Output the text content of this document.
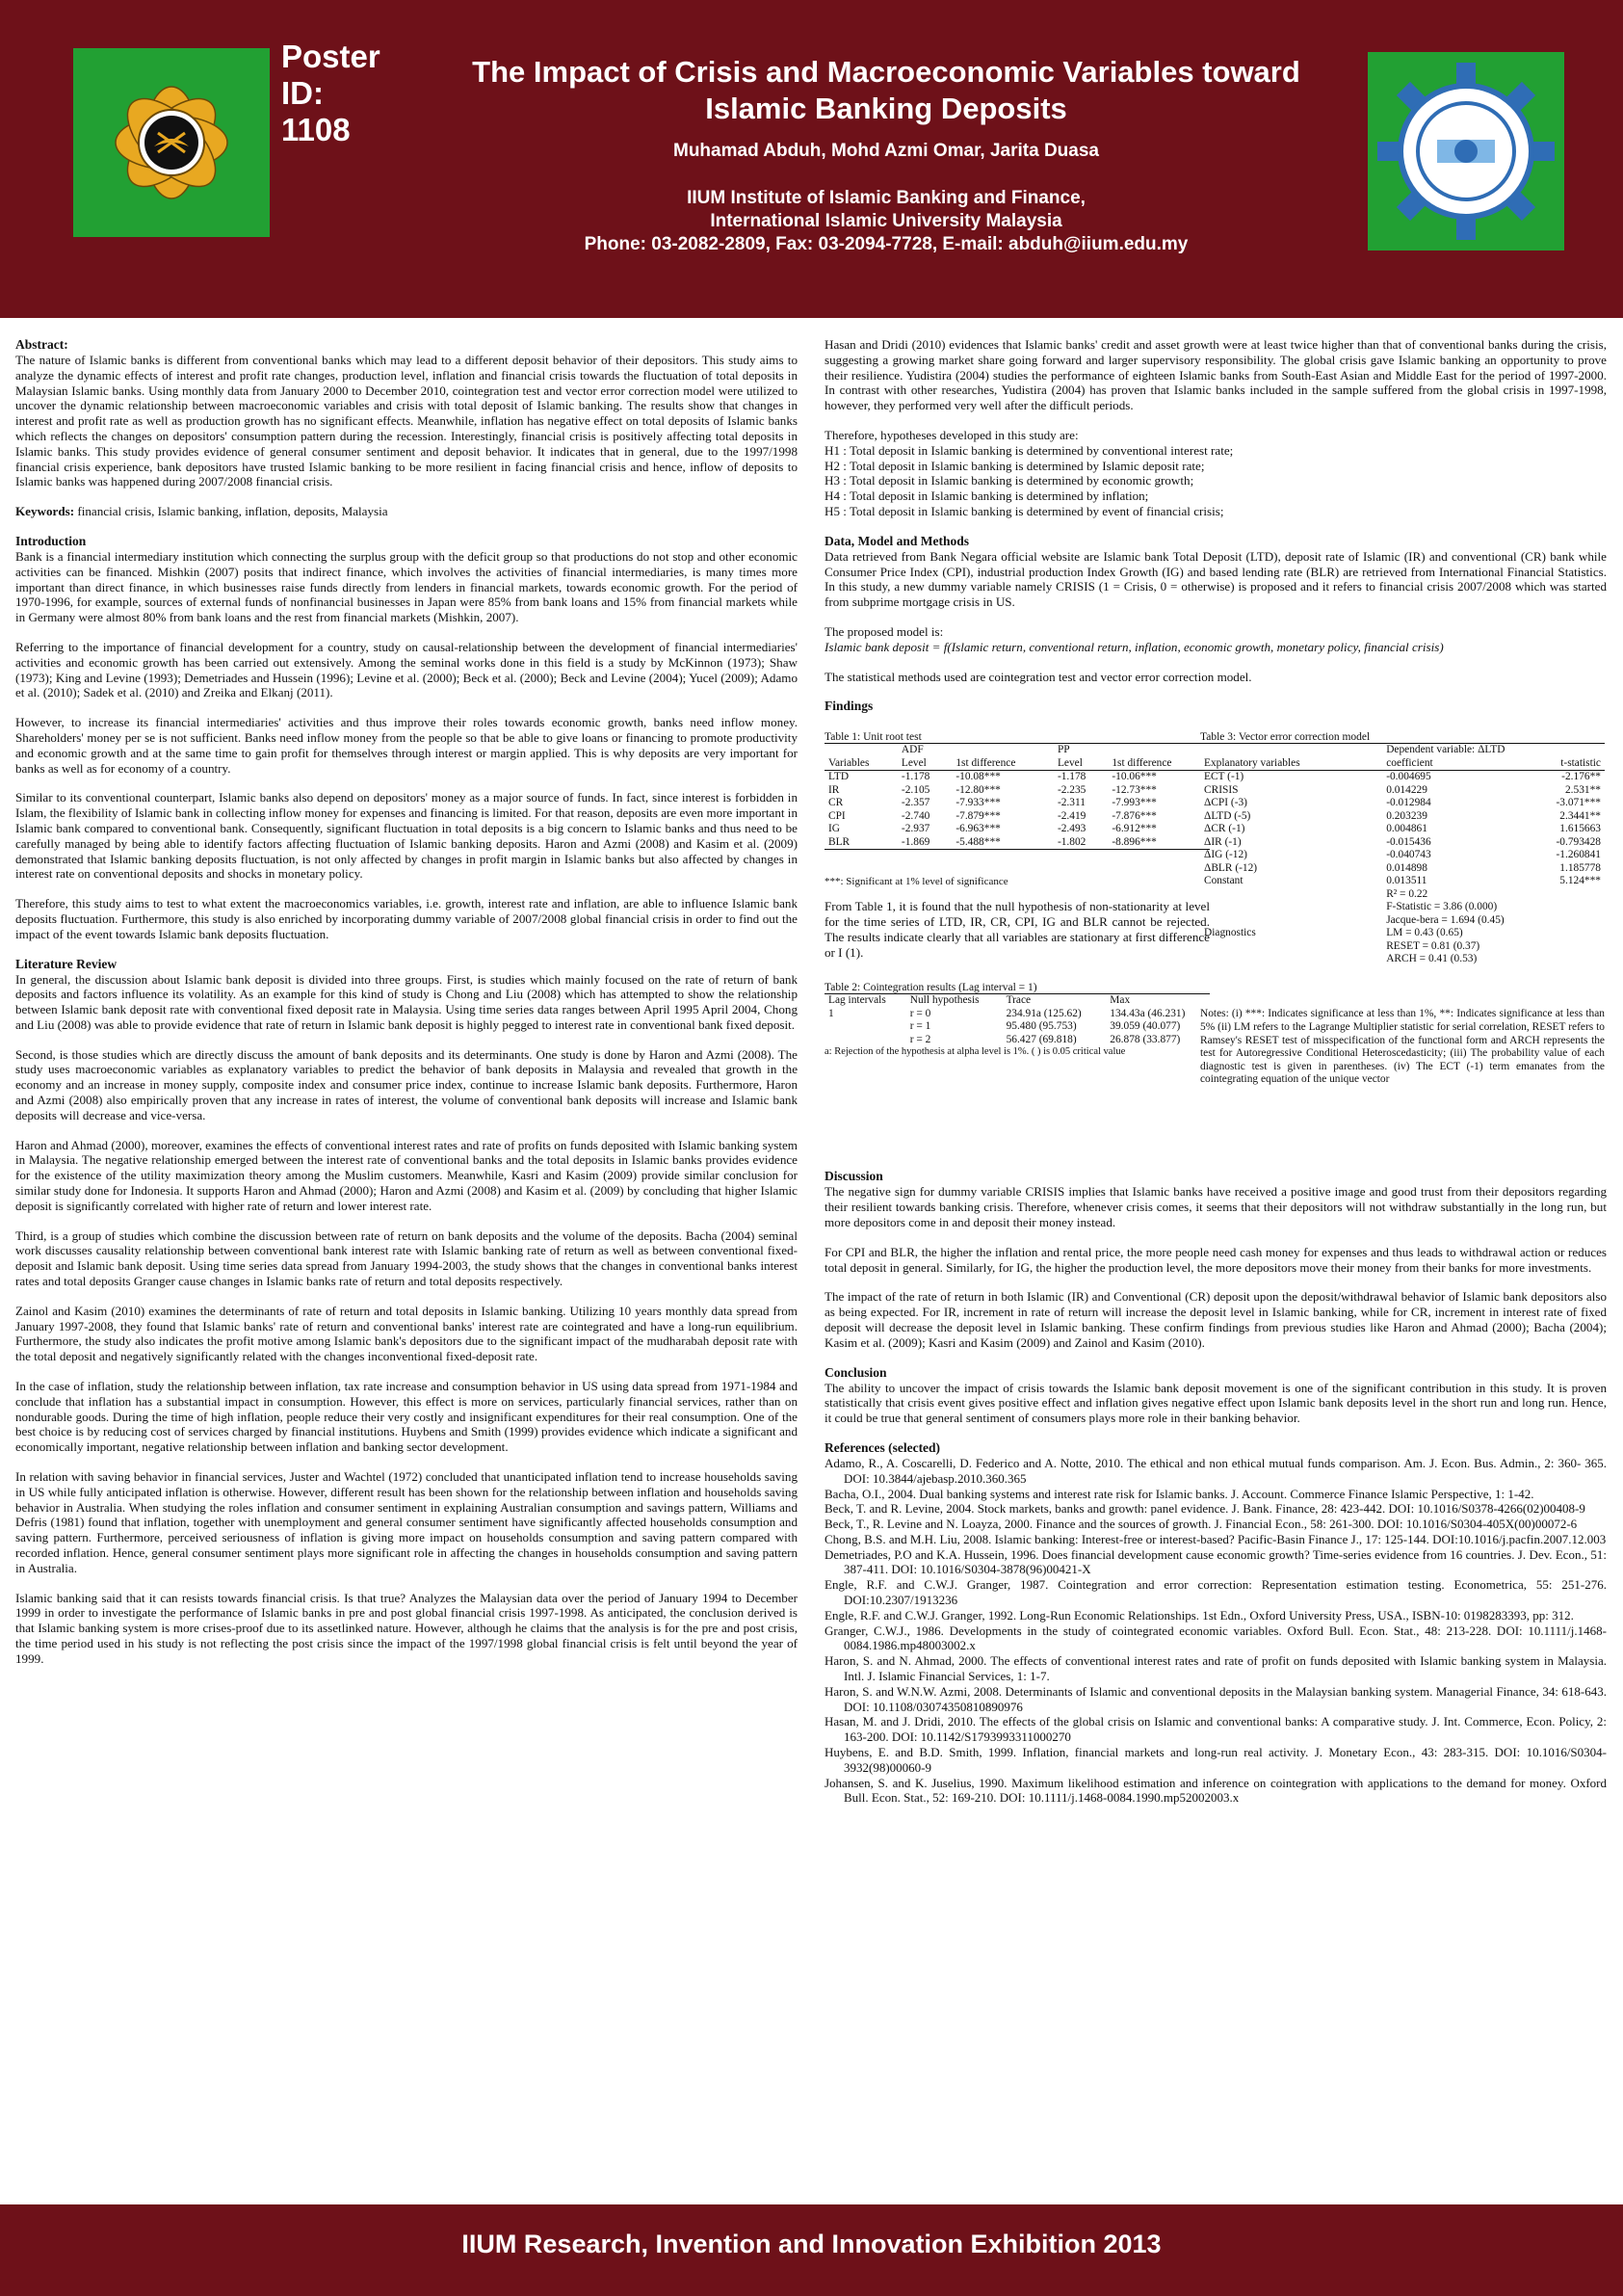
Poster
ID:
1108
The Impact of Crisis and Macroeconomic Variables toward
Islamic Banking Deposits
Muhamad Abduh, Mohd Azmi Omar, Jarita Duasa
IIUM Institute of Islamic Banking and Finance,
International Islamic University Malaysia
Phone: 03-2082-2809, Fax: 03-2094-7728, E-mail: abduh@iium.edu.my
Abstract:

The nature of Islamic banks is different from conventional banks which may lead to a different deposit behavior of their depositors. This study aims to analyze the dynamic effects of interest and profit rate changes, production level, inflation and financial crisis towards the fluctuation of total deposits in Malaysian Islamic banks. Using monthly data from January 2000 to December 2010, cointegration test and vector error correction model were utilized to uncover the dynamic relationship between macroeconomic variables and crisis with total deposit of Islamic banking. The results show that changes in interest and profit rate as well as production growth has no significant effects. Meanwhile, inflation has negative effect on total deposits of Islamic banks which reflects the changes on depositors' consumption pattern during the recession. Interestingly, financial crisis is positively affecting total deposits in Islamic banks. This study provides evidence of general consumer sentiment and deposit behavior. It indicates that in general, due to the 1997/1998 financial crisis experience, bank depositors have trusted Islamic banking to be more resilient in facing financial crisis and hence, inflow of deposits to Islamic banks was happened during 2007/2008 financial crisis.

Keywords: financial crisis, Islamic banking, inflation, deposits, Malaysia

Introduction

Bank is a financial intermediary institution which connecting the surplus group with the deficit group so that productions do not stop and other economic activities can be financed. Mishkin (2007) posits that indirect finance, which involves the activities of financial intermediaries, is many times more important than direct finance, in which businesses raise funds directly from lenders in financial markets, towards economic growth. For the period of 1970-1996, for example, sources of external funds of nonfinancial businesses in Japan were 85% from bank loans and 15% from financial markets while in Germany were almost 80% from bank loans and the rest from financial markets (Mishkin, 2007).

Referring to the importance of financial development for a country, study on causal-relationship between the development of financial intermediaries' activities and economic growth has been carried out extensively. Among the seminal works done in this field is a study by McKinnon (1973); Shaw (1973); King and Levine (1993); Demetriades and Hussein (1996); Levine et al. (2000); Beck et al. (2000); Beck and Levine (2004); Yucel (2009); Adamo et al. (2010); Sadek et al. (2010) and Zreika and Elkanj (2011).

However, to increase its financial intermediaries' activities and thus improve their roles towards economic growth, banks need inflow money. Shareholders' money per se is not sufficient. Banks need inflow money from the people so that be able to give loans or financing to promote productivity and economic growth and at the same time to gain profit for themselves through interest or margin applied. This is why deposits are very important for banks as well as for economy of a country.

Similar to its conventional counterpart, Islamic banks also depend on depositors' money as a major source of funds. In fact, since interest is forbidden in Islam, the flexibility of Islamic bank in collecting inflow money for expenses and financing is limited. For that reason, deposits are even more important in Islamic bank compared to conventional bank. Consequently, significant fluctuation in total deposits is a big concern to Islamic banks and thus need to be carefully managed by being able to identify factors affecting fluctuation of Islamic banking deposits. Haron and Azmi (2008) and Kasim et al. (2009) demonstrated that Islamic banking deposits fluctuation, is not only affected by changes in profit margin in Islamic banks but also affected by changes in interest rate on conventional deposits and shocks in monetary policy.

Therefore, this study aims to test to what extent the macroeconomics variables, i.e. growth, interest rate and inflation, are able to influence Islamic bank deposits fluctuation. Furthermore, this study is also enriched by incorporating dummy variable of 2007/2008 global financial crisis in order to find out the impact of the event towards Islamic bank deposits fluctuation.

Literature Review

In general, the discussion about Islamic bank deposit is divided into three groups. First, is studies which mainly focused on the rate of return of bank deposits and factors influence its volatility. As an example for this kind of study is Chong and Liu (2008) which has attempted to show the relationship between Islamic bank deposit rate with conventional fixed deposit rate in Malaysia. Using time series data ranges between April 1995 April 2004, Chong and Liu (2008) was able to provide evidence that rate of return in Islamic bank deposit is highly pegged to interest rate in conventional bank fixed deposit.

Second, is those studies which are directly discuss the amount of bank deposits and its determinants. One study is done by Haron and Azmi (2008). The study uses macroeconomic variables as explanatory variables to predict the behavior of bank deposits in Malaysia and revealed that growth in the economy and an increase in money supply, composite index and consumer price index, continue to increase Islamic bank deposits. Furthermore, Haron and Azmi (2008) also empirically proven that any increase in rates of interest, the volume of conventional bank deposits will increase and Islamic bank deposits will decrease and vice-versa.

Haron and Ahmad (2000), moreover, examines the effects of conventional interest rates and rate of profits on funds deposited with Islamic banking system in Malaysia. The negative relationship emerged between the interest rate of conventional banks and the total deposits in Islamic banks provides evidence for the existence of the utility maximization theory among the Muslim customers. Meanwhile, Kasri and Kasim (2009) provide similar conclusion for similar study done for Indonesia. It supports Haron and Ahmad (2000); Haron and Azmi (2008) and Kasim et al. (2009) by concluding that higher Islamic deposit is significantly correlated with higher rate of return and lower interest rate.

Third, is a group of studies which combine the discussion between rate of return on bank deposits and the volume of the deposits. Bacha (2004) seminal work discusses causality relationship between conventional bank interest rate with Islamic banking rate of return as well as between conventional fixed-deposit and Islamic bank deposit. Using time series data spread from January 1994-2003, the study shows that the changes in conventional banks interest rates and total deposits Granger cause changes in Islamic banks rate of return and total deposits respectively.

Zainol and Kasim (2010) examines the determinants of rate of return and total deposits in Islamic banking. Utilizing 10 years monthly data spread from January 1997-2008, they found that Islamic banks' rate of return and conventional banks' interest rate are cointegrated and have a long-run equilibrium. Furthermore, the study also indicates the profit motive among Islamic bank's depositors due to the significant impact of the mudharabah deposit rate with the total deposit and negatively significantly related with the changes inconventional fixed-deposit rate.

In the case of inflation, study the relationship between inflation, tax rate increase and consumption behavior in US using data spread from 1971-1984 and conclude that inflation has a substantial impact in consumption. However, this effect is more on services, particularly financial services, rather than on nondurable goods. During the time of high inflation, people reduce their very costly and insignificant expenditures for their real consumption. One of the best choice is by reducing cost of services charged by financial institutions. Huybens and Smith (1999) provides evidence which indicate a significant and economically important, negative relationship between inflation and banking sector development.

In relation with saving behavior in financial services, Juster and Wachtel (1972) concluded that unanticipated inflation tend to increase households saving in US while fully anticipated inflation is otherwise. However, different result has been shown for the relationship between inflation and households saving behavior in Australia. When studying the roles inflation and consumer sentiment in explaining Australian consumption and savings pattern, Williams and Defris (1981) found that inflation, together with unemployment and general consumer sentiment have significantly affected households consumption and saving pattern. Furthermore, perceived seriousness of inflation is giving more impact on households consumption and saving pattern compared with recorded inflation. Hence, general consumer sentiment plays more significant role in affecting the changes in households consumption and saving pattern in Australia.

Islamic banking said that it can resists towards financial crisis. Is that true? Analyzes the Malaysian data over the period of January 1994 to December 1999 in order to investigate the performance of Islamic banks in pre and post global financial crisis 1997-1998. As anticipated, the conclusion derived is that Islamic banking system is more crises-proof due to its assetlinked nature. However, although he claims that the analysis is for the pre and post crisis, the time period used in his study is not reflecting the post crisis since the impact of the 1997/1998 global financial crisis is felt until beyond the year of 1999.

Hasan and Dridi (2010) evidences that Islamic banks' credit and asset growth were at least twice higher than that of conventional banks during the crisis, suggesting a growing market share going forward and larger supervisory responsibility. The global crisis gave Islamic banking an opportunity to prove their resilience. Yudistira (2004) studies the performance of eighteen Islamic banks from South-East Asian and Middle East for the period of 1997-2000. In contrast with other researches, Yudistira (2004) has proven that Islamic banks included in the sample suffered from the global crisis in 1997-1998, however, they performed very well after the difficult periods.

Therefore, hypotheses developed in this study are:
H1 : Total deposit in Islamic banking is determined by conventional interest rate;
H2 : Total deposit in Islamic banking is determined by Islamic deposit rate;
H3 : Total deposit in Islamic banking is determined by economic growth;
H4 : Total deposit in Islamic banking is determined by inflation;
H5 : Total deposit in Islamic banking is determined by event of financial crisis;
Data, Model and Methods

Data retrieved from Bank Negara official website are Islamic bank Total Deposit (LTD), deposit rate of Islamic (IR) and conventional (CR) bank while Consumer Price Index (CPI), industrial production Index Growth (IG) and based lending rate (BLR) are retrieved from International Financial Statistics. In this study, a new dummy variable namely CRISIS (1 = Crisis, 0 = otherwise) is proposed and it refers to financial crisis 2007/2008 which was started from subprime mortgage crisis in US.

The proposed model is:
Islamic bank deposit = f(Islamic return, conventional return, inflation, economic growth, monetary policy, financial crisis)

The statistical methods used are cointegration test and vector error correction model.

Findings
Table 1: Unit root test
	ADF		PP	
Variables	Level	1st difference	Level	1st difference
LTD	-1.178	-10.08***	-1.178	-10.06***
IR	-2.105	-12.80***	-2.235	-12.73***
CR	-2.357	-7.933***	-2.311	-7.993***
CPI	-2.740	-7.879***	-2.419	-7.876***
IG	-2.937	-6.963***	-2.493	-6.912***
BLR	-1.869	-5.488***	-1.802	-8.896***
***: Significant at 1% level of significance
From Table 1, it is found that the null hypothesis of non-stationarity at level for the time series of LTD, IR, CR, CPI, IG and BLR cannot be rejected. The results indicate clearly that all variables are stationary at first difference or I (1).
Table 2: Cointegration results (Lag interval = 1)
Lag intervals	Null hypothesis	Trace	Max
1	r = 0	234.91a (125.62)	134.43a (46.231)
	r = 1	95.480 (95.753)	39.059 (40.077)
	r = 2	56.427 (69.818)	26.878 (33.877)
a: Rejection of the hypothesis at alpha level is 1%. ( ) is 0.05 critical value
Table 3: Vector error correction model
	Dependent variable: ΔLTD	
Explanatory variables	coefficient	t-statistic
ECT (-1)	-0.004695	-2.176**
CRISIS	0.014229	2.531**
ΔCPI (-3)	-0.012984	-3.071***
ΔLTD (-5)	0.203239	2.3441**
ΔCR (-1)	0.004861	1.615663
ΔIR (-1)	-0.015436	-0.793428
ΔIG (-12)	-0.040743	-1.260841
ΔBLR (-12)	0.014898	1.185778
Constant	0.013511	5.124***
	R² = 0.22	
	F-Statistic = 3.86 (0.000)	
	Jacque-bera = 1.694 (0.45)	
Diagnostics	LM = 0.43 (0.65)	
	RESET = 0.81 (0.37)	
	ARCH = 0.41 (0.53)	
Notes: (i) ***: Indicates significance at less than 1%, **: Indicates significance at less than 5% (ii) LM refers to the Lagrange Multiplier statistic for serial correlation, RESET refers to Ramsey's RESET test of misspecification of the functional form and ARCH represents the test for Autoregressive Conditional Heteroscedasticity; (iii) The probability value of each diagnostic test is given in parentheses. (iv) The ECT (-1) term emanates from the cointegrating equation of the unique vector
Discussion

The negative sign for dummy variable CRISIS implies that Islamic banks have received a positive image and good trust from their depositors regarding their resilient towards banking crisis. Therefore, whenever crisis comes, it seems that their depositors will not withdraw substantially in the long run, but more depositors come in and deposit their money instead.

For CPI and BLR, the higher the inflation and rental price, the more people need cash money for expenses and thus leads to withdrawal action or reduces total deposit in general. Similarly, for IG, the higher the production level, the more depositors move their money from their banks for more investments.

The impact of the rate of return in both Islamic (IR) and Conventional (CR) deposit upon the deposit/withdrawal behavior of Islamic bank depositors also as being expected. For IR, increment in rate of return will increase the deposit level in Islamic banking, while for CR, increment in interest rate of fixed deposit will decrease the deposit level in Islamic banking. These confirm findings from previous studies like Haron and Ahmad (2000); Bacha (2004); Kasim et al. (2009); Kasri and Kasim (2009) and Zainol and Kasim (2010).

Conclusion

The ability to uncover the impact of crisis towards the Islamic bank deposit movement is one of the significant contribution in this study. It is proven statistically that crisis event gives positive effect and inflation gives negative effect upon Islamic bank deposits level in the short run and long run. Hence, it could be true that general sentiment of consumers plays more role in their banking behavior.

References (selected)
Adamo, R., A. Coscarelli, D. Federico and A. Notte, 2010. The ethical and non ethical mutual funds comparison. Am. J. Econ. Bus. Admin., 2: 360- 365. DOI: 10.3844/ajebasp.2010.360.365
Bacha, O.I., 2004. Dual banking systems and interest rate risk for Islamic banks. J. Account. Commerce Finance Islamic Perspective, 1: 1-42.
Beck, T. and R. Levine, 2004. Stock markets, banks and growth: panel evidence. J. Bank. Finance, 28: 423-442. DOI: 10.1016/S0378-4266(02)00408-9
Beck, T., R. Levine and N. Loayza, 2000. Finance and the sources of growth. J. Financial Econ., 58: 261-300. DOI: 10.1016/S0304-405X(00)00072-6
Chong, B.S. and M.H. Liu, 2008. Islamic banking: Interest-free or interest-based? Pacific-Basin Finance J., 17: 125-144. DOI:10.1016/j.pacfin.2007.12.003
Demetriades, P.O and K.A. Hussein, 1996. Does financial development cause economic growth? Time-series evidence from 16 countries. J. Dev. Econ., 51: 387-411. DOI: 10.1016/S0304-3878(96)00421-X
Engle, R.F. and C.W.J. Granger, 1987. Cointegration and error correction: Representation estimation testing. Econometrica, 55: 251-276. DOI:10.2307/1913236
Engle, R.F. and C.W.J. Granger, 1992. Long-Run Economic Relationships. 1st Edn., Oxford University Press, USA., ISBN-10: 0198283393, pp: 312.
Granger, C.W.J., 1986. Developments in the study of cointegrated economic variables. Oxford Bull. Econ. Stat., 48: 213-228. DOI: 10.1111/j.1468- 0084.1986.mp48003002.x
Haron, S. and N. Ahmad, 2000. The effects of conventional interest rates and rate of profit on funds deposited with Islamic banking system in Malaysia. Intl. J. Islamic Financial Services, 1: 1-7.
Haron, S. and W.N.W. Azmi, 2008. Determinants of Islamic and conventional deposits in the Malaysian banking system. Managerial Finance, 34: 618-643. DOI: 10.1108/03074350810890976
Hasan, M. and J. Dridi, 2010. The effects of the global crisis on Islamic and conventional banks: A comparative study. J. Int. Commerce, Econ. Policy, 2: 163-200. DOI: 10.1142/S1793993311000270
Huybens, E. and B.D. Smith, 1999. Inflation, financial markets and long-run real activity. J. Monetary Econ., 43: 283-315. DOI: 10.1016/S0304-3932(98)00060-9
Johansen, S. and K. Juselius, 1990. Maximum likelihood estimation and inference on cointegration with applications to the demand for money. Oxford Bull. Econ. Stat., 52: 169-210. DOI: 10.1111/j.1468-0084.1990.mp52002003.x
IIUM Research, Invention and Innovation Exhibition 2013
